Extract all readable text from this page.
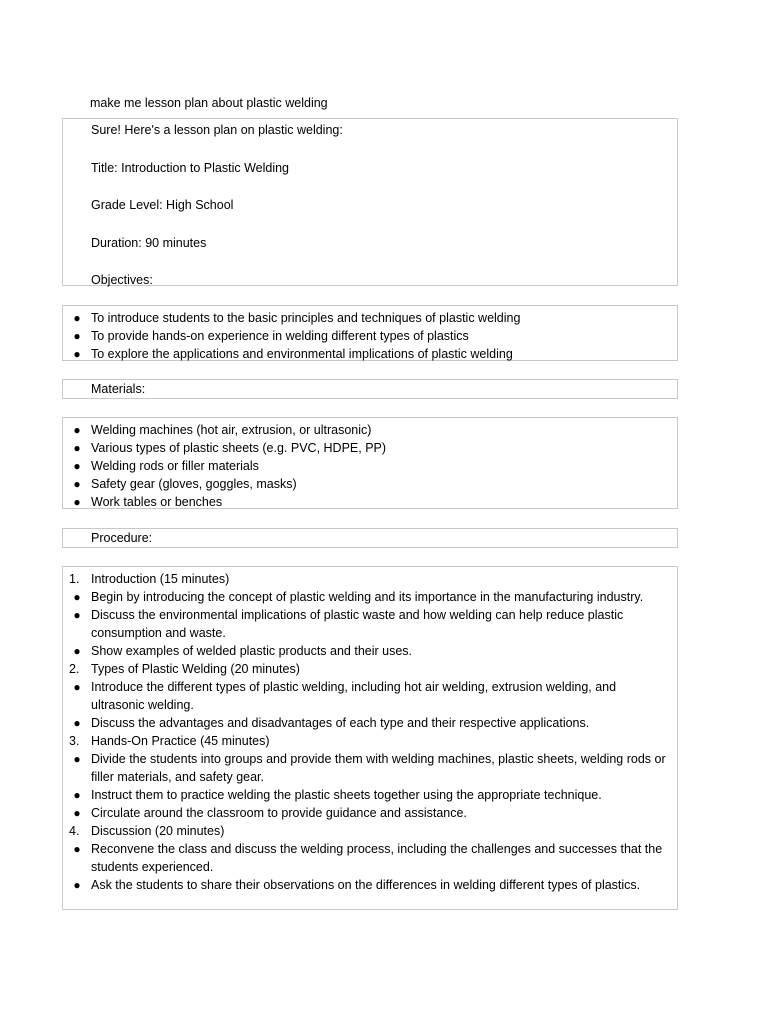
make me lesson plan about plastic welding

Sure! Here's a lesson plan on plastic welding:

Title: Introduction to Plastic Welding

Grade Level: High School

Duration: 90 minutes

Objectives:

● To introduce students to the basic principles and techniques of plastic welding
● To provide hands-on experience in welding different types of plastics
● To explore the applications and environmental implications of plastic welding
Materials:
● Welding machines (hot air, extrusion, or ultrasonic)
● Various types of plastic sheets (e.g. PVC, HDPE, PP)
● Welding rods or filler materials
● Safety gear (gloves, goggles, masks)
● Work tables or benches
Procedure:
1. Introduction (15 minutes)
● Begin by introducing the concept of plastic welding and its importance in the manufacturing industry.
● Discuss the environmental implications of plastic waste and how welding can help reduce plastic consumption and waste.
● Show examples of welded plastic products and their uses.
2. Types of Plastic Welding (20 minutes)
● Introduce the different types of plastic welding, including hot air welding, extrusion welding, and ultrasonic welding.
● Discuss the advantages and disadvantages of each type and their respective applications.
3. Hands-On Practice (45 minutes)
● Divide the students into groups and provide them with welding machines, plastic sheets, welding rods or filler materials, and safety gear.
● Instruct them to practice welding the plastic sheets together using the appropriate technique.
● Circulate around the classroom to provide guidance and assistance.
4. Discussion (20 minutes)
● Reconvene the class and discuss the welding process, including the challenges and successes that the students experienced.
● Ask the students to share their observations on the differences in welding different types of plastics.
